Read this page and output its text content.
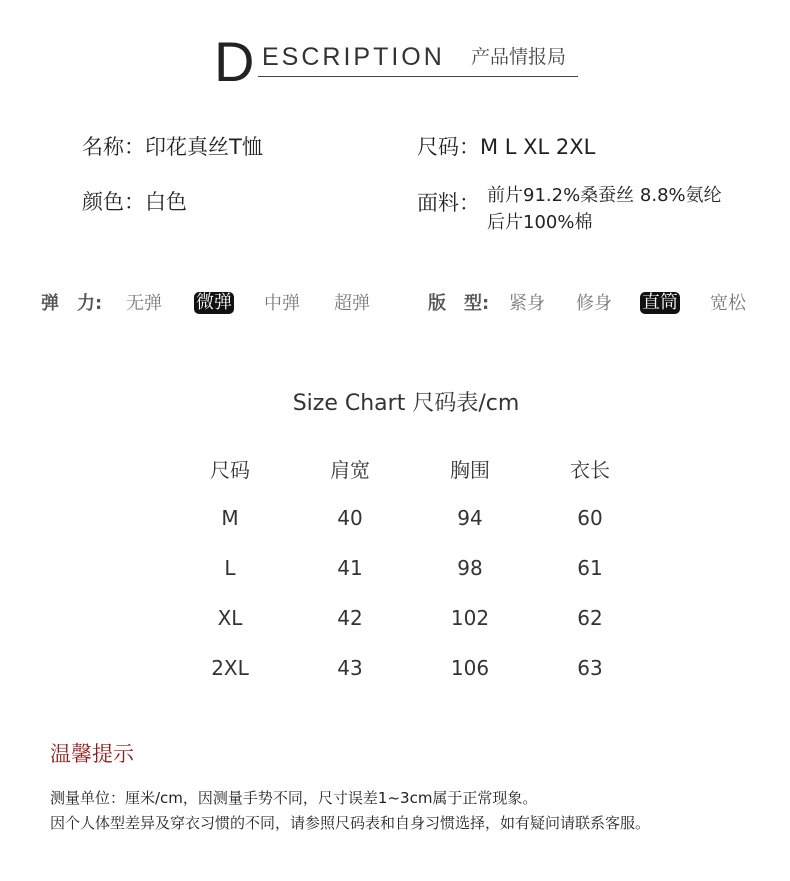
D ESCRIPTION 产品情报局
名称：印花真丝T恤	尺码：M L XL 2XL
颜色：白色	面料： 前片91.2%桑蚕丝 8.8%氨纶
后片100%棉
弹　力: 无弹 微弹 中弹 超弹	版　型: 紧身 修身 直筒 宽松
Size Chart 尺码表/cm
尺码	肩宽	胸围	衣长
M	40	94	60
L	41	98	61
XL	42	102	62
2XL	43	106	63
温馨提示
测量单位：厘米/cm，因测量手势不同，尺寸误差1~3cm属于正常现象。
因个人体型差异及穿衣习惯的不同，请参照尺码表和自身习惯选择，如有疑问请联系客服。
